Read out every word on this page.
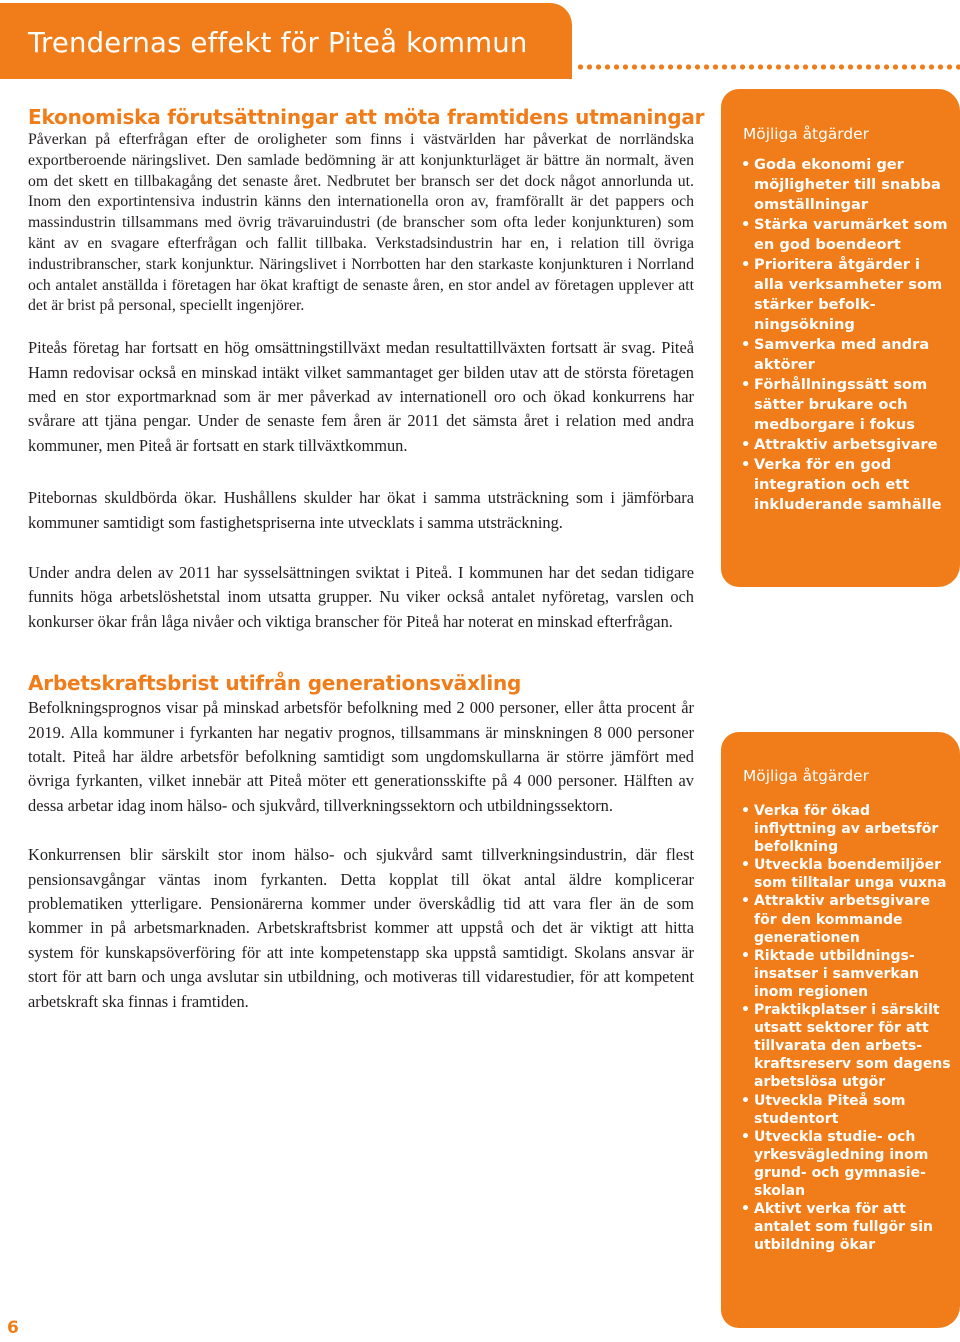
Trendernas effekt för Piteå kommun
Ekonomiska förutsättningar att möta framtidens utmaningar

Påverkan på efterfrågan efter de oroligheter som finns i västvärlden har påverkat de norrländska exportberoende näringslivet. Den samlade bedömning är att konjunkturläget är bättre än normalt, även om det skett en tillbakagång det senaste året. Nedbrutet ber bransch ser det dock något annorlunda ut. Inom den exportintensiva industrin känns den internationella oron av, framförallt är det pappers och massindustrin tillsammans med övrig trävaruindustri (de branscher som ofta leder konjunkturen) som känt av en svagare efterfrågan och fallit tillbaka. Verkstadsindustrin har en, i relation till övriga industribranscher, stark konjunktur. Näringslivet i Norrbotten har den starkaste konjunkturen i Norrland och antalet anställda i företagen har ökat kraftigt de senaste åren, en stor andel av företagen upplever att det är brist på personal, speciellt ingenjörer.

Piteås företag har fortsatt en hög omsättningstillväxt medan resultattillväxten fortsatt är svag. Piteå Hamn redovisar också en minskad intäkt vilket sammantaget ger bilden utav att de största företagen med en stor exportmarknad som är mer påverkad av internationell oro och ökad konkurrens har svårare att tjäna pengar. Under de senaste fem åren är 2011 det sämsta året i relation med andra kommuner, men Piteå är fortsatt en stark tillväxtkommun.

Pitebornas skuldbörda ökar. Hushållens skulder har ökat i samma utsträckning som i jämförbara kommuner samtidigt som fastighetspriserna inte utvecklats i samma utsträckning.

Under andra delen av 2011 har sysselsättningen sviktat i Piteå. I kommunen har det sedan tidigare funnits höga arbetslöshetstal inom utsatta grupper. Nu viker också antalet nyföretag, varslen och konkurser ökar från låga nivåer och viktiga branscher för Piteå har noterat en minskad efterfrågan.

Arbetskraftsbrist utifrån generationsväxling

Befolkningsprognos visar på minskad arbetsför befolkning med 2 000 personer, eller åtta procent år 2019. Alla kommuner i fyrkanten har negativ prognos, tillsammans är minskningen 8 000 personer totalt. Piteå har äldre arbetsför befolkning samtidigt som ungdomskullarna är större jämfört med övriga fyrkanten, vilket innebär att Piteå möter ett generationsskifte på 4 000 personer. Hälften av dessa arbetar idag inom hälso- och sjukvård, tillverkningssektorn och utbildningssektorn.

Konkurrensen blir särskilt stor inom hälso- och sjukvård samt tillverkningsindustrin, där flest pensionsavgångar väntas inom fyrkanten. Detta kopplat till ökat antal äldre komplicerar problematiken ytterligare. Pensionärerna kommer under överskådlig tid att vara fler än de som kommer in på arbetsmarknaden. Arbetskraftsbrist kommer att uppstå och det är viktigt att hitta system för kunskapsöverföring för att inte kompetenstapp ska uppstå samtidigt. Skolans ansvar är stort för att barn och unga avslutar sin utbildning, och motiveras till vidarestudier, för att kompetent arbetskraft ska finnas i framtiden.

Möjliga åtgärder
• Goda ekonomi ger möjligheter till snabba omställningar
• Stärka varumärket som en god boendeort
• Prioritera åtgärder i alla verksamheter som stärker befolkningsökning
• Samverka med andra aktörer
• Förhållningssätt som sätter brukare och medborgare i fokus
• Attraktiv arbetsgivare
• Verka för en god integration och ett inkluderande samhälle
Möjliga åtgärder
• Verka för ökad inflyttning av arbetsför befolkning
• Utveckla boendemiljöer som tilltalar unga vuxna
• Attraktiv arbetsgivare för den kommande generationen
• Riktade utbildningsinsatser i samverkan inom regionen
• Praktikplatser i särskilt utsatt sektorer för att tillvarata den arbetskraftsreserv som dagens arbetslösa utgör
• Utveckla Piteå som studentort
• Utveckla studie- och yrkesvägledning inom grund- och gymnasieskolan
• Aktivt verka för att antalet som fullgör sin utbildning ökar
6
